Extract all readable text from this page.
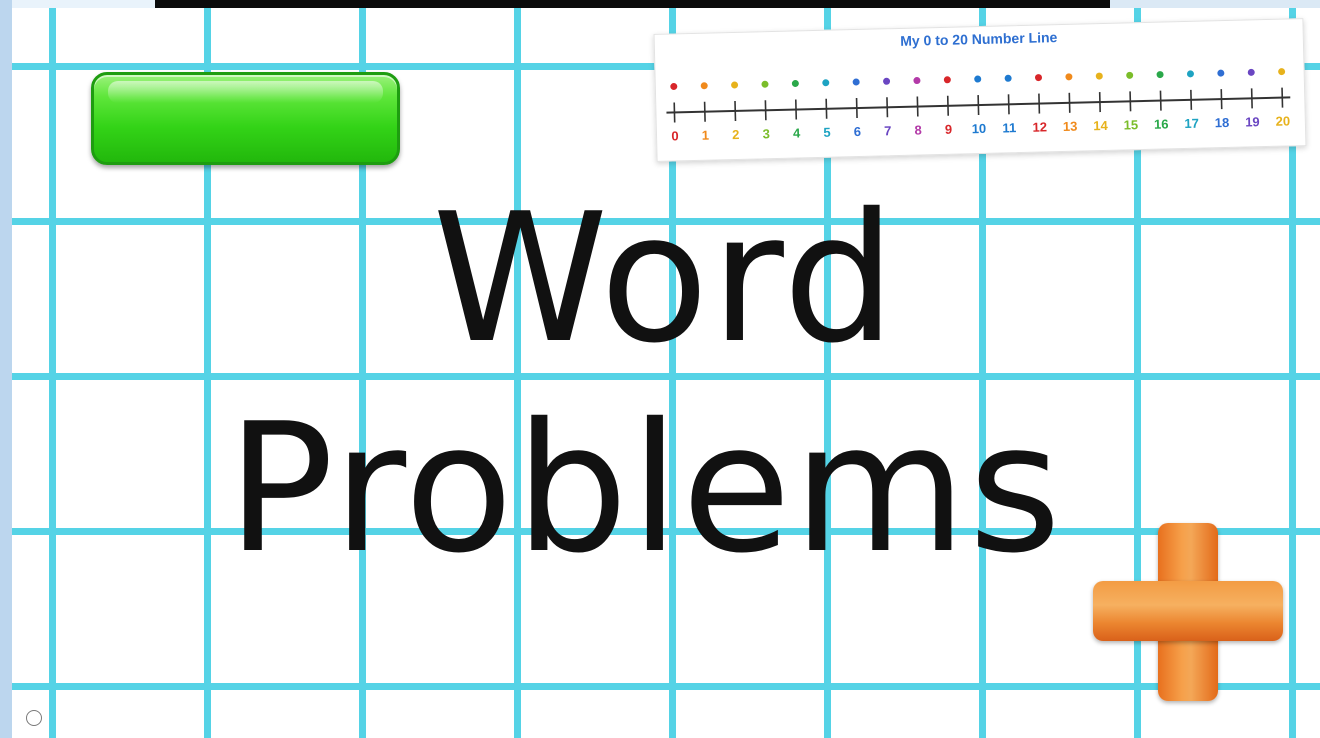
My 0 to 20 Number Line
0 1 2 3 4 5 6 7 8 9 10 11 12 13 14 15 16 17 18 19 20
Word
Problems
